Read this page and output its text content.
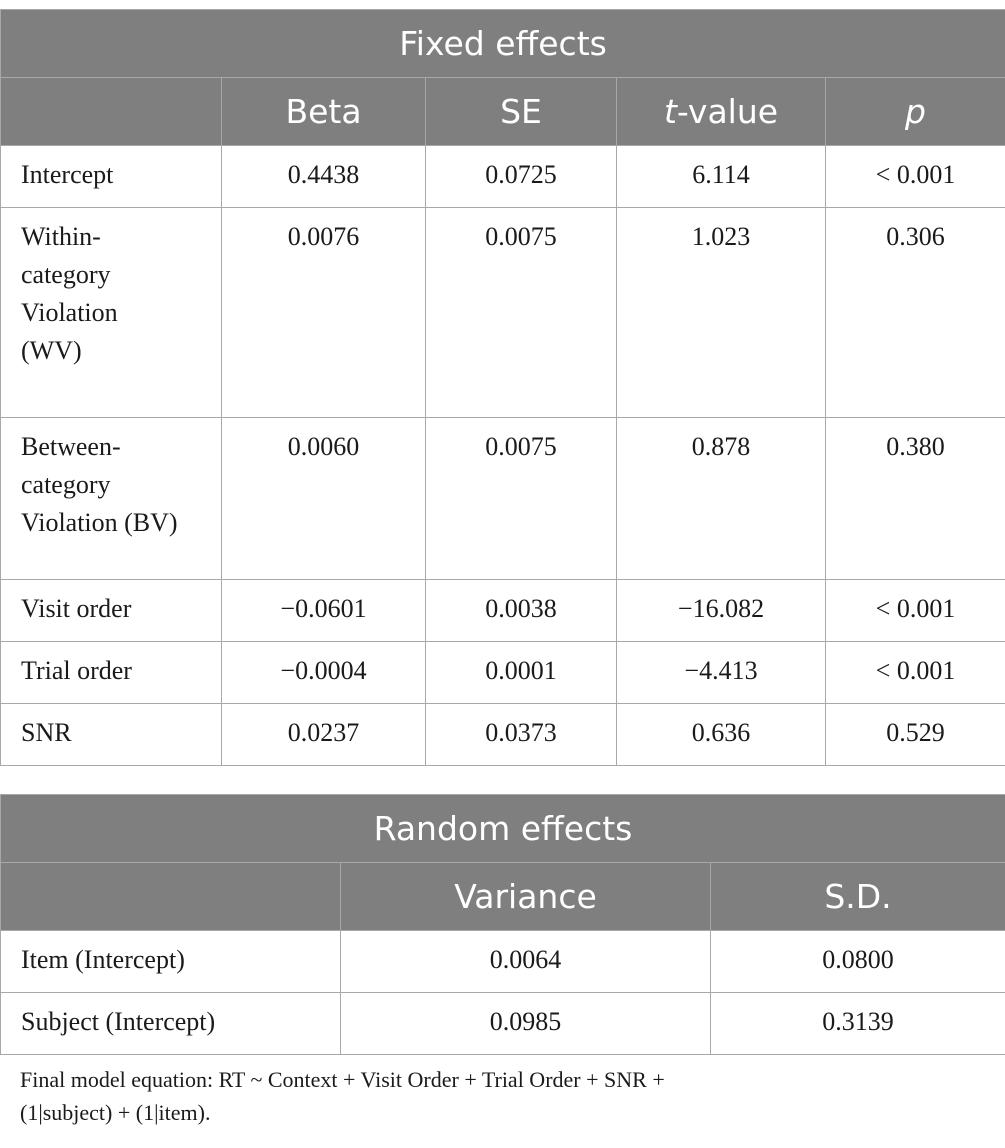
Fixed effects				
	Beta	SE	t-value	p

Intercept	0.4438	0.0725	6.114	< 0.001

Within-
category
Violation
(WV)	0.0076	0.0075	1.023	0.306

Between-
category
Violation (BV)	0.0060	0.0075	0.878	0.380

Visit order	−0.0601	0.0038	−16.082	< 0.001

Trial order	−0.0004	0.0001	−4.413	< 0.001

SNR	0.0237	0.0373	0.636	0.529
Random effects		
	Variance	S.D.

Item (Intercept)	0.0064	0.0800

Subject (Intercept)	0.0985	0.3139

Final model equation: RT ~ Context + Visit Order + Trial Order + SNR +
(1|subject) + (1|item).
